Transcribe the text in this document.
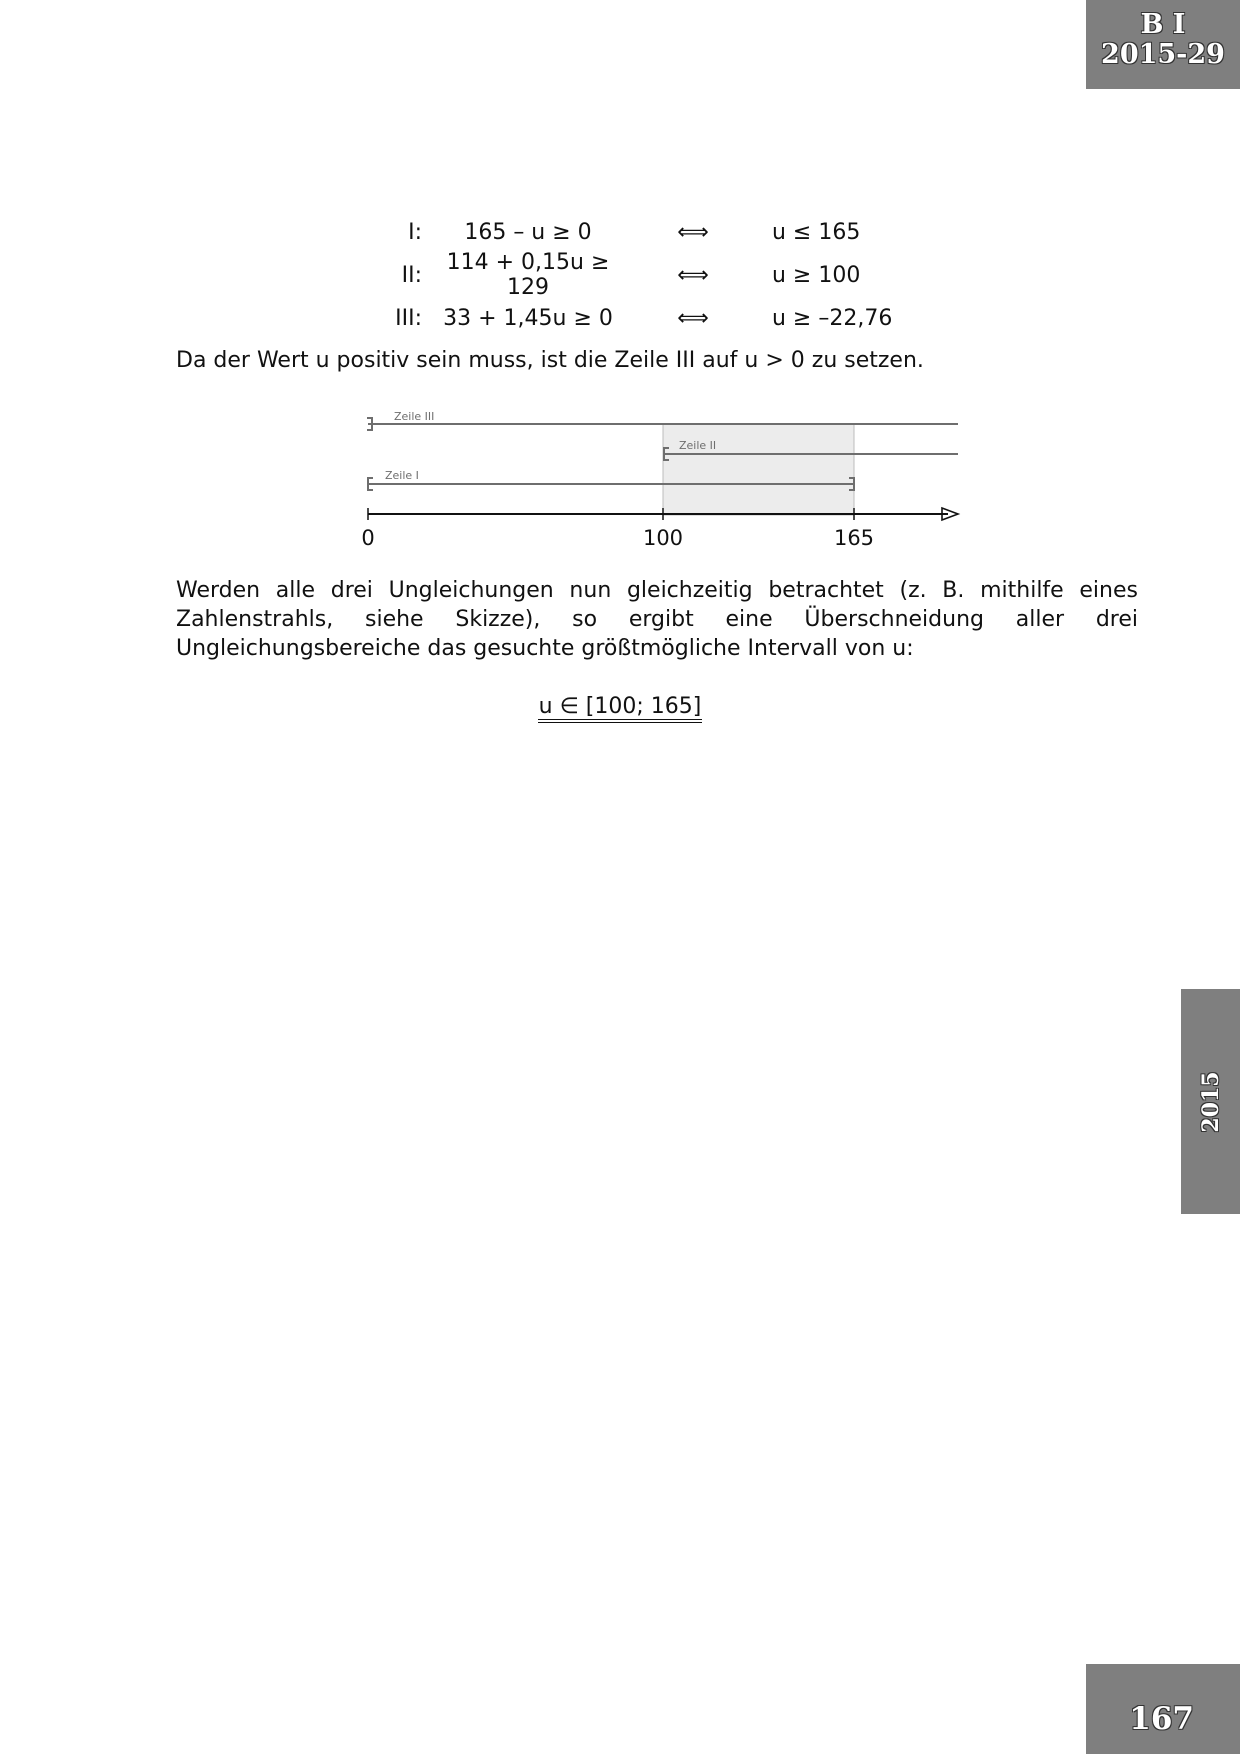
B I
2015-29
2015
167
I:	165 – u ≥ 0	⟺	u ≤ 165
II:	114 + 0,15u ≥ 129	⟺	u ≥ 100
III:	33 + 1,45u ≥ 0	⟺	u ≥ –22,76

Da der Wert u positiv sein muss, ist die Zeile III auf u > 0 zu setzen.

Zeile III
Zeile II
Zeile I
0	100	165

Werden alle drei Ungleichungen nun gleichzeitig betrachtet (z. B. mithilfe eines Zahlenstrahls, siehe Skizze), so ergibt eine Überschneidung aller drei Ungleichungsbereiche das gesuchte größtmögliche Intervall von u:

u ∈ [100; 165]
